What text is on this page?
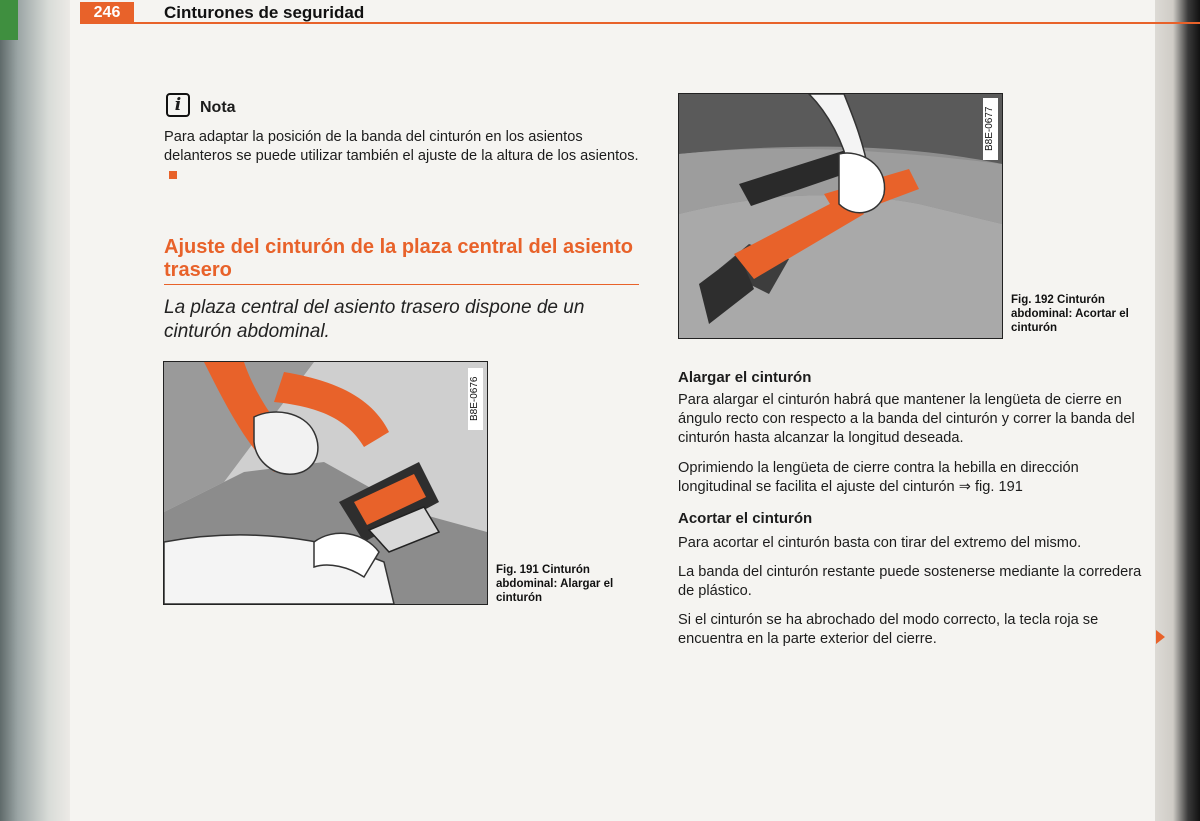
246	Cinturones de seguridad
i	Nota
Para adaptar la posición de la banda del cinturón en los asientos delanteros se puede utilizar también el ajuste de la altura de los asientos.
Ajuste del cinturón de la plaza central del asiento trasero
La plaza central del asiento trasero dispone de un cinturón abdominal.
B8E-0676
Fig. 191 Cinturón abdominal: Alargar el cinturón
B8E-0677
Fig. 192 Cinturón abdominal: Acortar el cinturón
Alargar el cinturón
Para alargar el cinturón habrá que mantener la lengüeta de cierre en ángulo recto con respecto a la banda del cinturón y correr la banda del cinturón hasta alcanzar la longitud deseada.
Oprimiendo la lengüeta de cierre contra la hebilla en dirección longitudinal se facilita el ajuste del cinturón ⇒ fig. 191
Acortar el cinturón
Para acortar el cinturón basta con tirar del extremo del mismo.
La banda del cinturón restante puede sostenerse mediante la corredera de plástico.
Si el cinturón se ha abrochado del modo correcto, la tecla roja se encuentra en la parte exterior del cierre.
